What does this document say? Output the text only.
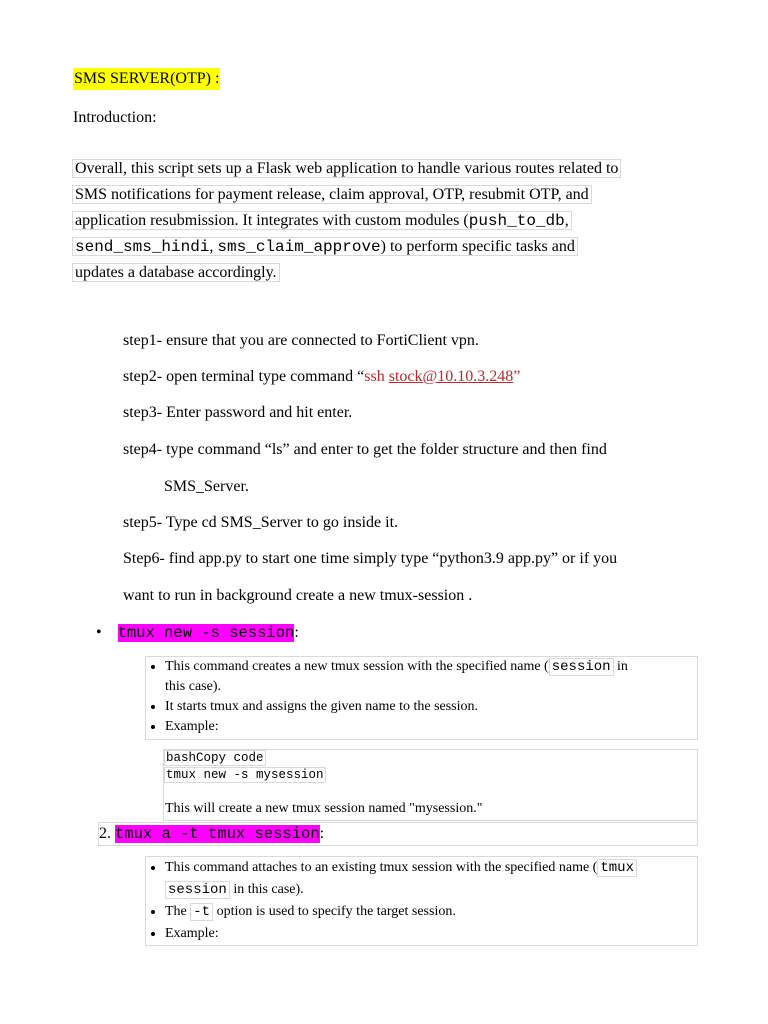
SMS SERVER(OTP) :
Introduction:
Overall, this script sets up a Flask web application to handle various routes related to
SMS notifications for payment release, claim approval, OTP, resubmit OTP, and
application resubmission. It integrates with custom modules (push_to_db,
send_sms_hindi, sms_claim_approve) to perform specific tasks and
updates a database accordingly.
step1- ensure that you are connected to FortiClient vpn.
step2- open terminal type command “ssh stock@10.10.3.248”
step3- Enter password and hit enter.
step4- type command “ls” and enter to get the folder structure and then find
SMS_Server.
step5- Type cd SMS_Server to go inside it.
Step6- find app.py to start one time simply type “python3.9 app.py” or if you
want to run in background create a new tmux-session .
• tmux new -s session:
• This command creates a new tmux session with the specified name ( session in
this case).
• It starts tmux and assigns the given name to the session.
• Example:
bashCopy code
tmux new -s mysession
This will create a new tmux session named "mysession."
2. tmux a -t tmux session:
• This command attaches to an existing tmux session with the specified name ( tmux
session in this case).
• The -t option is used to specify the target session.
• Example:
